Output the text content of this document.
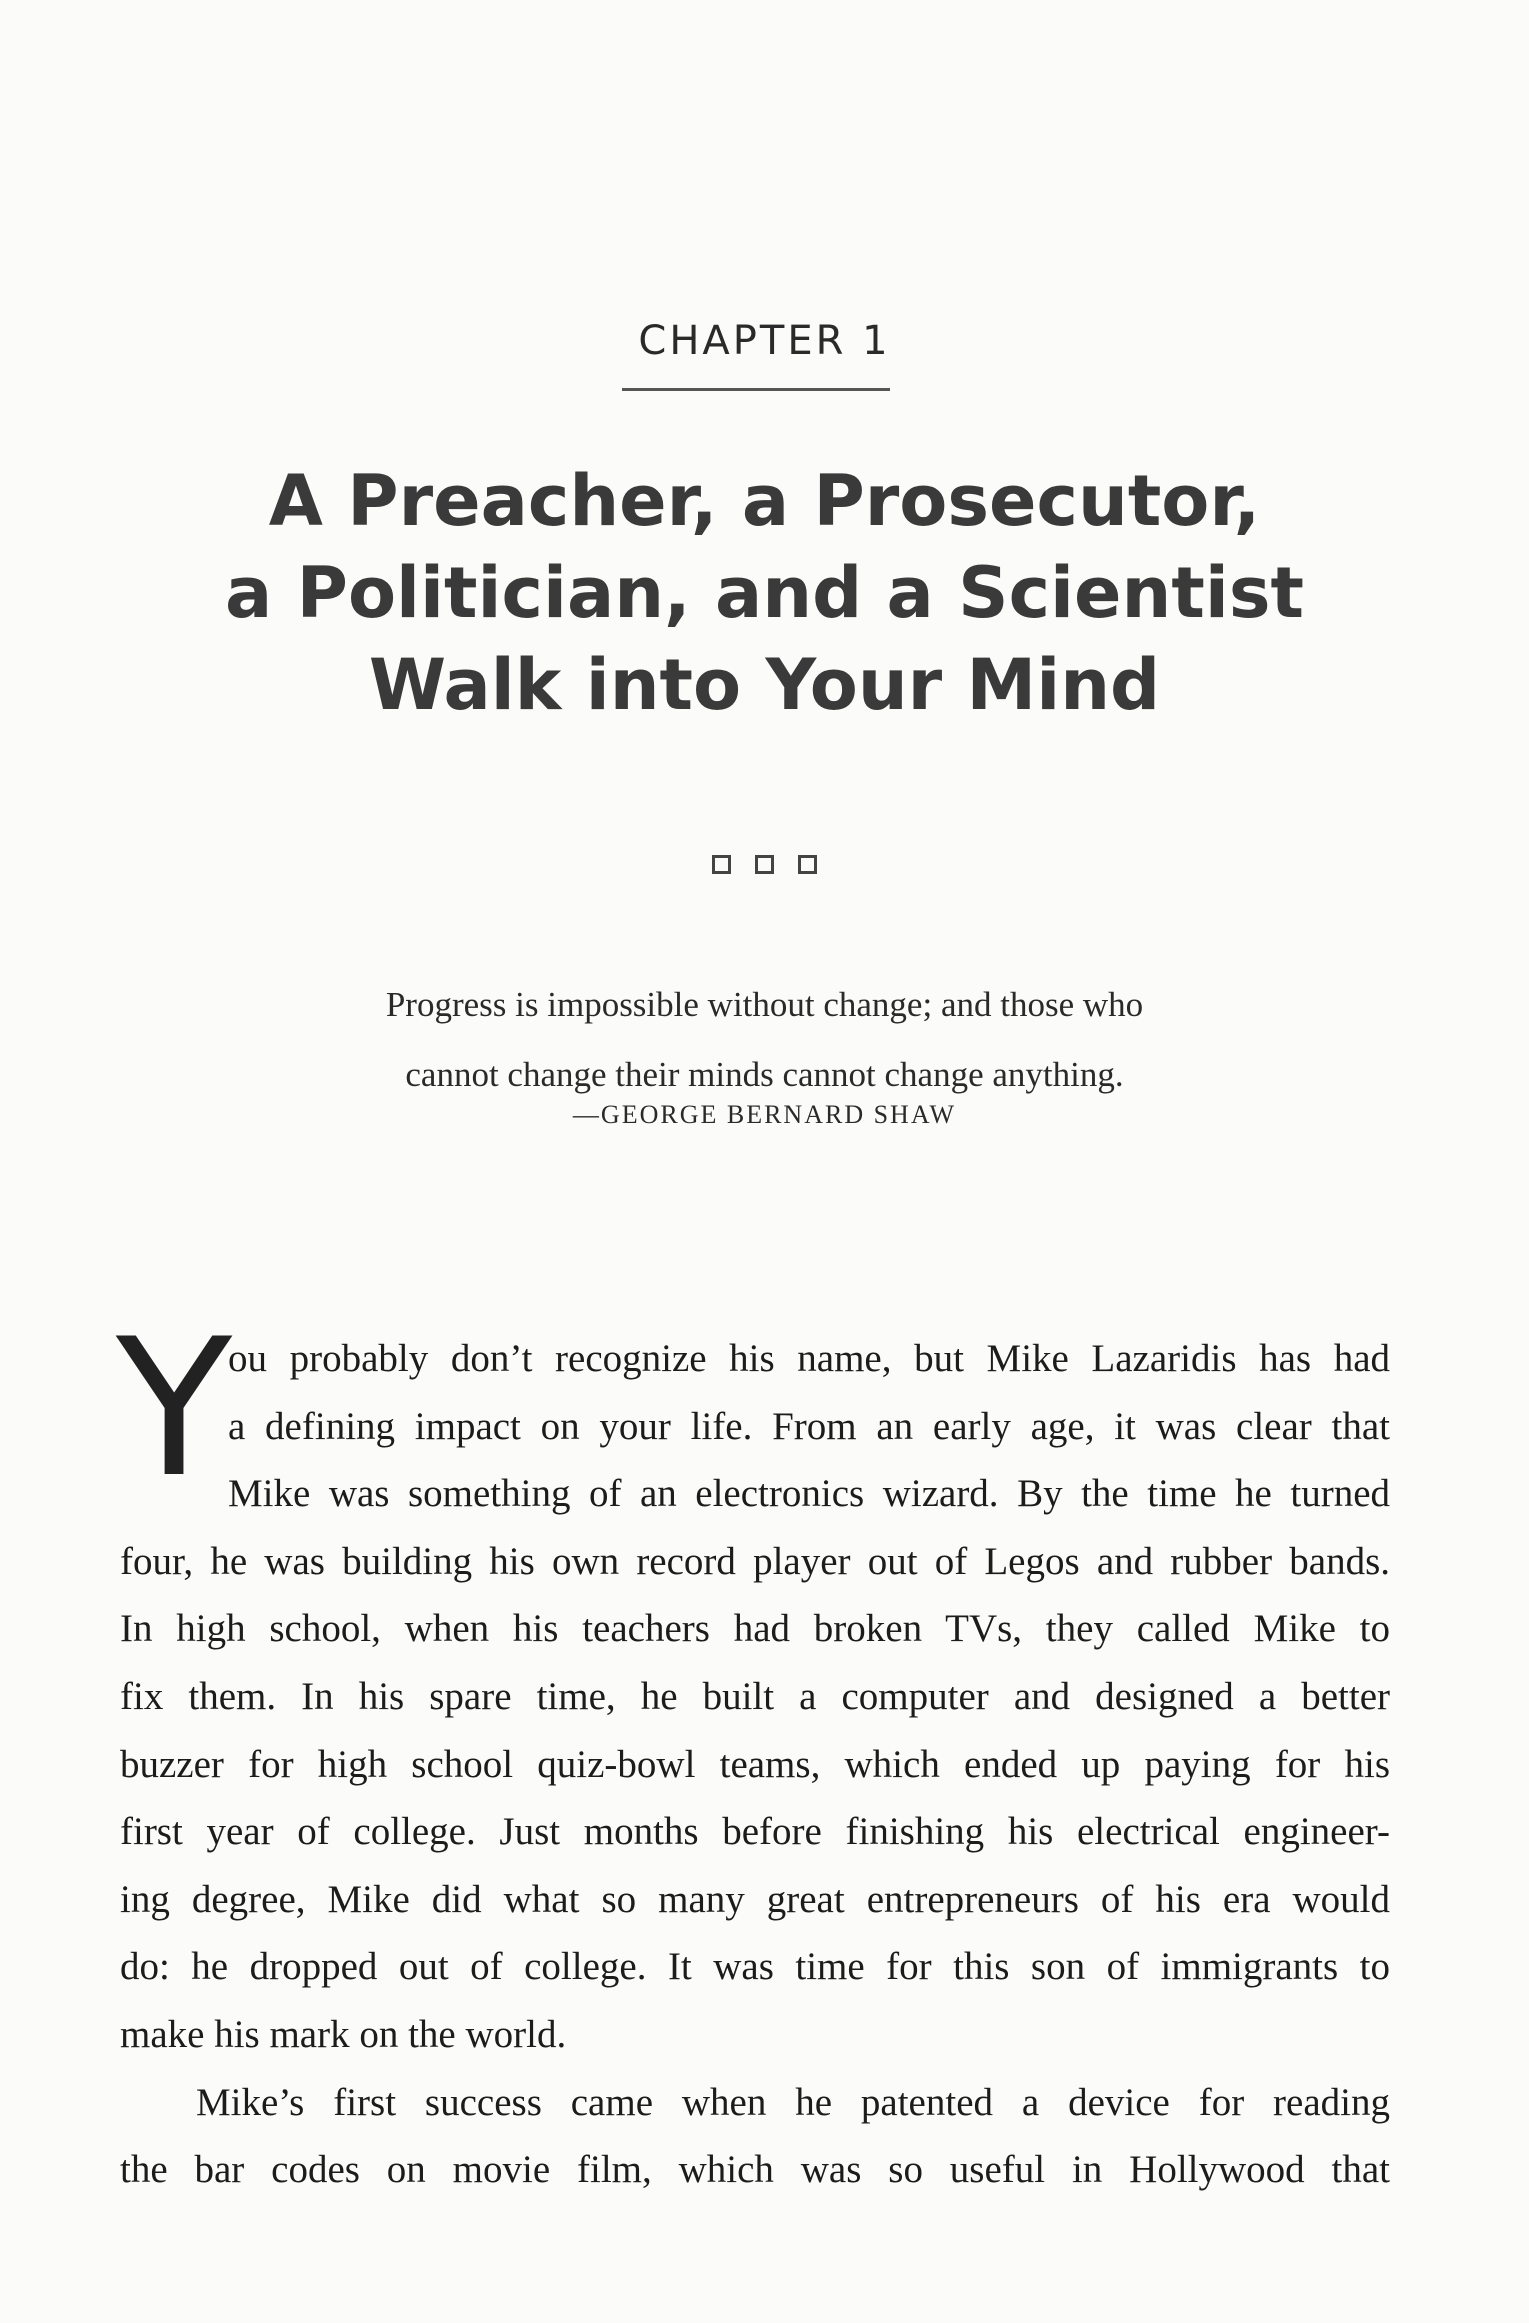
CHAPTER 1
A Preacher, a Prosecutor,
a Politician, and a Scientist
Walk into Your Mind
Progress is impossible without change; and those who
cannot change their minds cannot change anything.
—GEORGE BERNARD SHAW
Y
ou probably don’t recognize his name, but Mike Lazaridis has had
a defining impact on your life. From an early age, it was clear that
Mike was something of an electronics wizard. By the time he turned
four, he was building his own record player out of Legos and rubber bands.
In high school, when his teachers had broken TVs, they called Mike to
fix them. In his spare time, he built a computer and designed a better
buzzer for high school quiz-bowl teams, which ended up paying for his
first year of college. Just months before finishing his electrical engineer-
ing degree, Mike did what so many great entrepreneurs of his era would
do: he dropped out of college. It was time for this son of immigrants to
make his mark on the world.
Mike’s first success came when he patented a device for reading
the bar codes on movie film, which was so useful in Hollywood that
